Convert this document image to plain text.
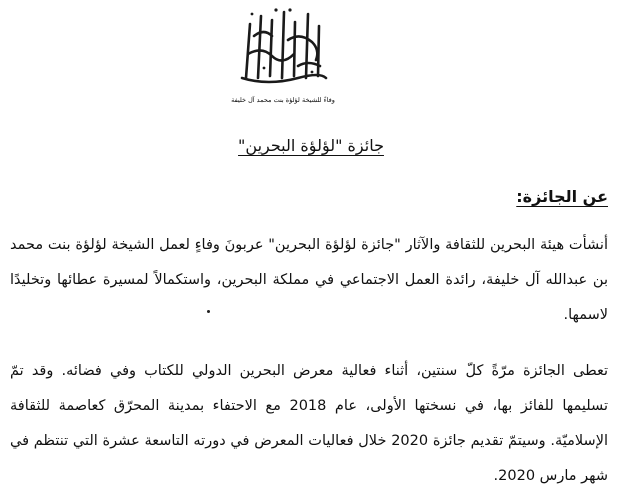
وفاءً للشيخة لؤلؤة بنت محمد آل خليفة
جائزة "لؤلؤة البحرين"
عن الجائزة:

أنشأت هيئة البحرين للثقافة والآثار "جائزة لؤلؤة البحرين" عربونَ وفاءٍ لعمل الشيخة لؤلؤة بنت محمد بن عبدالله آل خليفة، رائدة العمل الاجتماعي في مملكة البحرين، واستكمالاً لمسيرة عطائها وتخليدًا لاسمها.

تعطى الجائزة مرّةً كلّ سنتين، أثناء فعالية معرض البحرين الدولي للكتاب وفي فضائه. وقد تمّ تسليمها للفائز بها، في نسختها الأولى، عام 2018 مع الاحتفاء بمدينة المحرّق كعاصمة للثقافة الإسلاميّة. وسيتمّ تقديم جائزة 2020 خلال فعاليات المعرض في دورته التاسعة عشرة التي تنتظم في شهر مارس 2020.
